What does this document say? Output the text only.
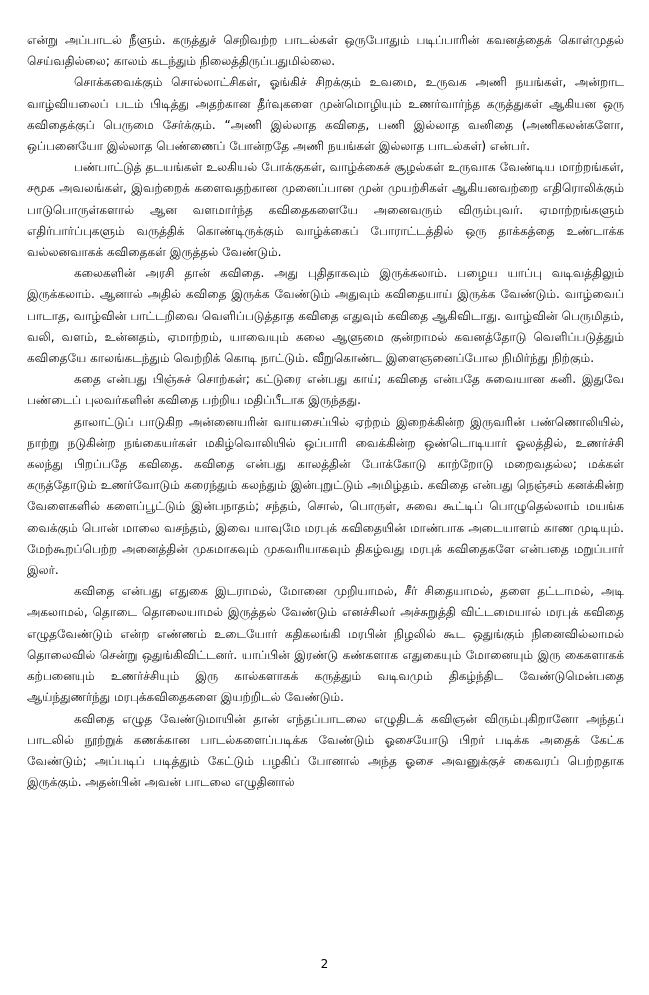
என்று அப்பாடல் நீளும். கருத்துச் செறிவற்ற பாடல்கள் ஒருபோதும் படிப்பாரின் கவனத்தைக் கொள்முதல் செய்வதில்லை; காலம் கடந்தும் நிலைத்திருப்பதுமில்லை.

சொக்கவைக்கும் சொல்லாட்சிகள், ஓங்கிச் சிறக்கும் உவமை, உருவக அணி நயங்கள், அன்றாட வாழ்வியலைப் படம் பிடித்து அதற்கான தீர்வுகளை முன்மொழியும் உணர்வார்ந்த கருத்துகள் ஆகியன ஒரு கவிதைக்குப் பெருமை சேர்க்கும். “அணி இல்லாத கவிதை, பணி இல்லாத வனிதை (அணிகலன்களோ, ஒப்பனையோ இல்லாத பெண்ணைப் போன்றதே அணி நயங்கள் இல்லாத பாடல்கள்) என்பர்.

பண்பாட்டுத் தடயங்கள் உலகியல் போக்குகள், வாழ்க்கைச் சூழல்கள் உருவாக வேண்டிய மாற்றங்கள், சமூக அவலங்கள், இவற்றைக் களைவதற்கான முனைப்பான முன் முயற்சிகள் ஆகியனவற்றை எதிரொலிக்கும் பாடுபொருள்களால் ஆன வளமார்ந்த கவிதைகளையே அனைவரும் விரும்புவர். ஏமாற்றங்களும் எதிர்பார்ப்புகளும் வருத்திக் கொண்டிருக்கும் வாழ்க்கைப் போராட்டத்தில் ஒரு தாக்கத்தை உண்டாக்க வல்லனவாகக் கவிதைகள் இருத்தல் வேண்டும்.

கலைகளின் அரசி தான் கவிதை. அது புதிதாகவும் இருக்கலாம். பழைய யாப்பு வடிவத்திலும் இருக்கலாம். ஆனால் அதில் கவிதை இருக்க வேண்டும் அதுவும் கவிதையாய் இருக்க வேண்டும். வாழ்வைப் பாடாத, வாழ்வின் பாட்டறிவை வெளிப்படுத்தாத கவிதை எதுவும் கவிதை ஆகிவிடாது. வாழ்வின் பெருமிதம், வலி, வளம், உன்னதம், ஏமாற்றம், யாவையும் கலை ஆளுமை குன்றாமல் கவனத்தோடு வெளிப்படுத்தும் கவிதையே காலங்கடந்தும் வெற்றிக் கொடி நாட்டும். வீறுகொண்ட இளைஞனைப்போல நிமிர்ந்து நிற்கும்.

கதை என்பது பிஞ்சுச் சொற்கள்; கட்டுரை என்பது காய்; கவிதை என்பதே சுவையான கனி. இதுவே பண்டைப் புலவர்களின் கவிதை பற்றிய மதிப்பீடாக இருந்தது.

தாலாட்டுப் பாடுகிற அன்னையரின் வாயசைப்பில் ஏற்றம் இறைக்கின்ற இருவரின் பண்ணொலியில், நாற்று நடுகின்ற நங்கையர்கள் மகிழ்வொலியில் ஒப்பாரி வைக்கின்ற ஒண்டொடியார் ஓலத்தில், உணர்ச்சி கலந்து பிறப்பதே கவிதை. கவிதை என்பது காலத்தின் போக்கோடு காற்றோடு மறைவதல்ல; மக்கள் கருத்தோடும் உணர்வோடும் கரைந்தும் கலந்தும் இன்புறுட்டும் அமிழ்தம். கவிதை என்பது நெஞ்சம் கனக்கின்ற வேளைகளில் களைப்பூட்டும் இன்பநாதம்; சந்தம், சொல், பொருள், சுவை கூட்டிப் பொழுதெல்லாம் மயங்க வைக்கும் பொன் மாலை வசந்தம், இவை யாவுமே மரபுக் கவிதையின் மாண்பாக அடையாளம் காண முடியும். மேற்கூறப்பெற்ற அனைத்தின் முகமாகவும் முகவரியாகவும் திகழ்வது மரபுக் கவிதைகளே என்பதை மறுப்பார் இலர்.

கவிதை என்பது எதுகை இடராமல், மோனை முறியாமல், சீர் சிதையாமல், தளை தட்டாமல், அடி அகலாமல், தொடை தொலையாமல் இருத்தல் வேண்டும் எனச்சிலர் அச்சுறுத்தி விட்டமையால் மரபுக் கவிதை எழுதவேண்டும் என்ற எண்ணம் உடையோர் கதிகலங்கி மரபின் நிழலில் கூட ஒதுங்கும் நினைவில்லாமல் தொலைவில் சென்று ஒதுங்கிவிட்டனர். யாப்பின் இரண்டு கண்களாக எதுகையும் மோனையும் இரு கைகளாகக் கற்பனையும் உணர்ச்சியும் இரு கால்களாகக் கருத்தும் வடிவமும் திகழ்ந்திட வேண்டுமென்பதை ஆய்ந்துணர்ந்து மரபுக்கவிதைகளை இயற்றிடல் வேண்டும்.

கவிதை எழுத வேண்டுமாயின் தான் எந்தப்பாடலை எழுதிடக் கவிஞன் விரும்புகிறானோ அந்தப் பாடலில் நூற்றுக் கணக்கான பாடல்களைப்படிக்க வேண்டும் ஓசையோடு பிறர் படிக்க அதைக் கேட்க வேண்டும்; அப்படிப் படித்தும் கேட்டும் பழகிப் போனால் அந்த ஓசை அவனுக்குச் கைவரப் பெற்றதாக இருக்கும். அதன்பின் அவன் பாடலை எழுதினால்

2
